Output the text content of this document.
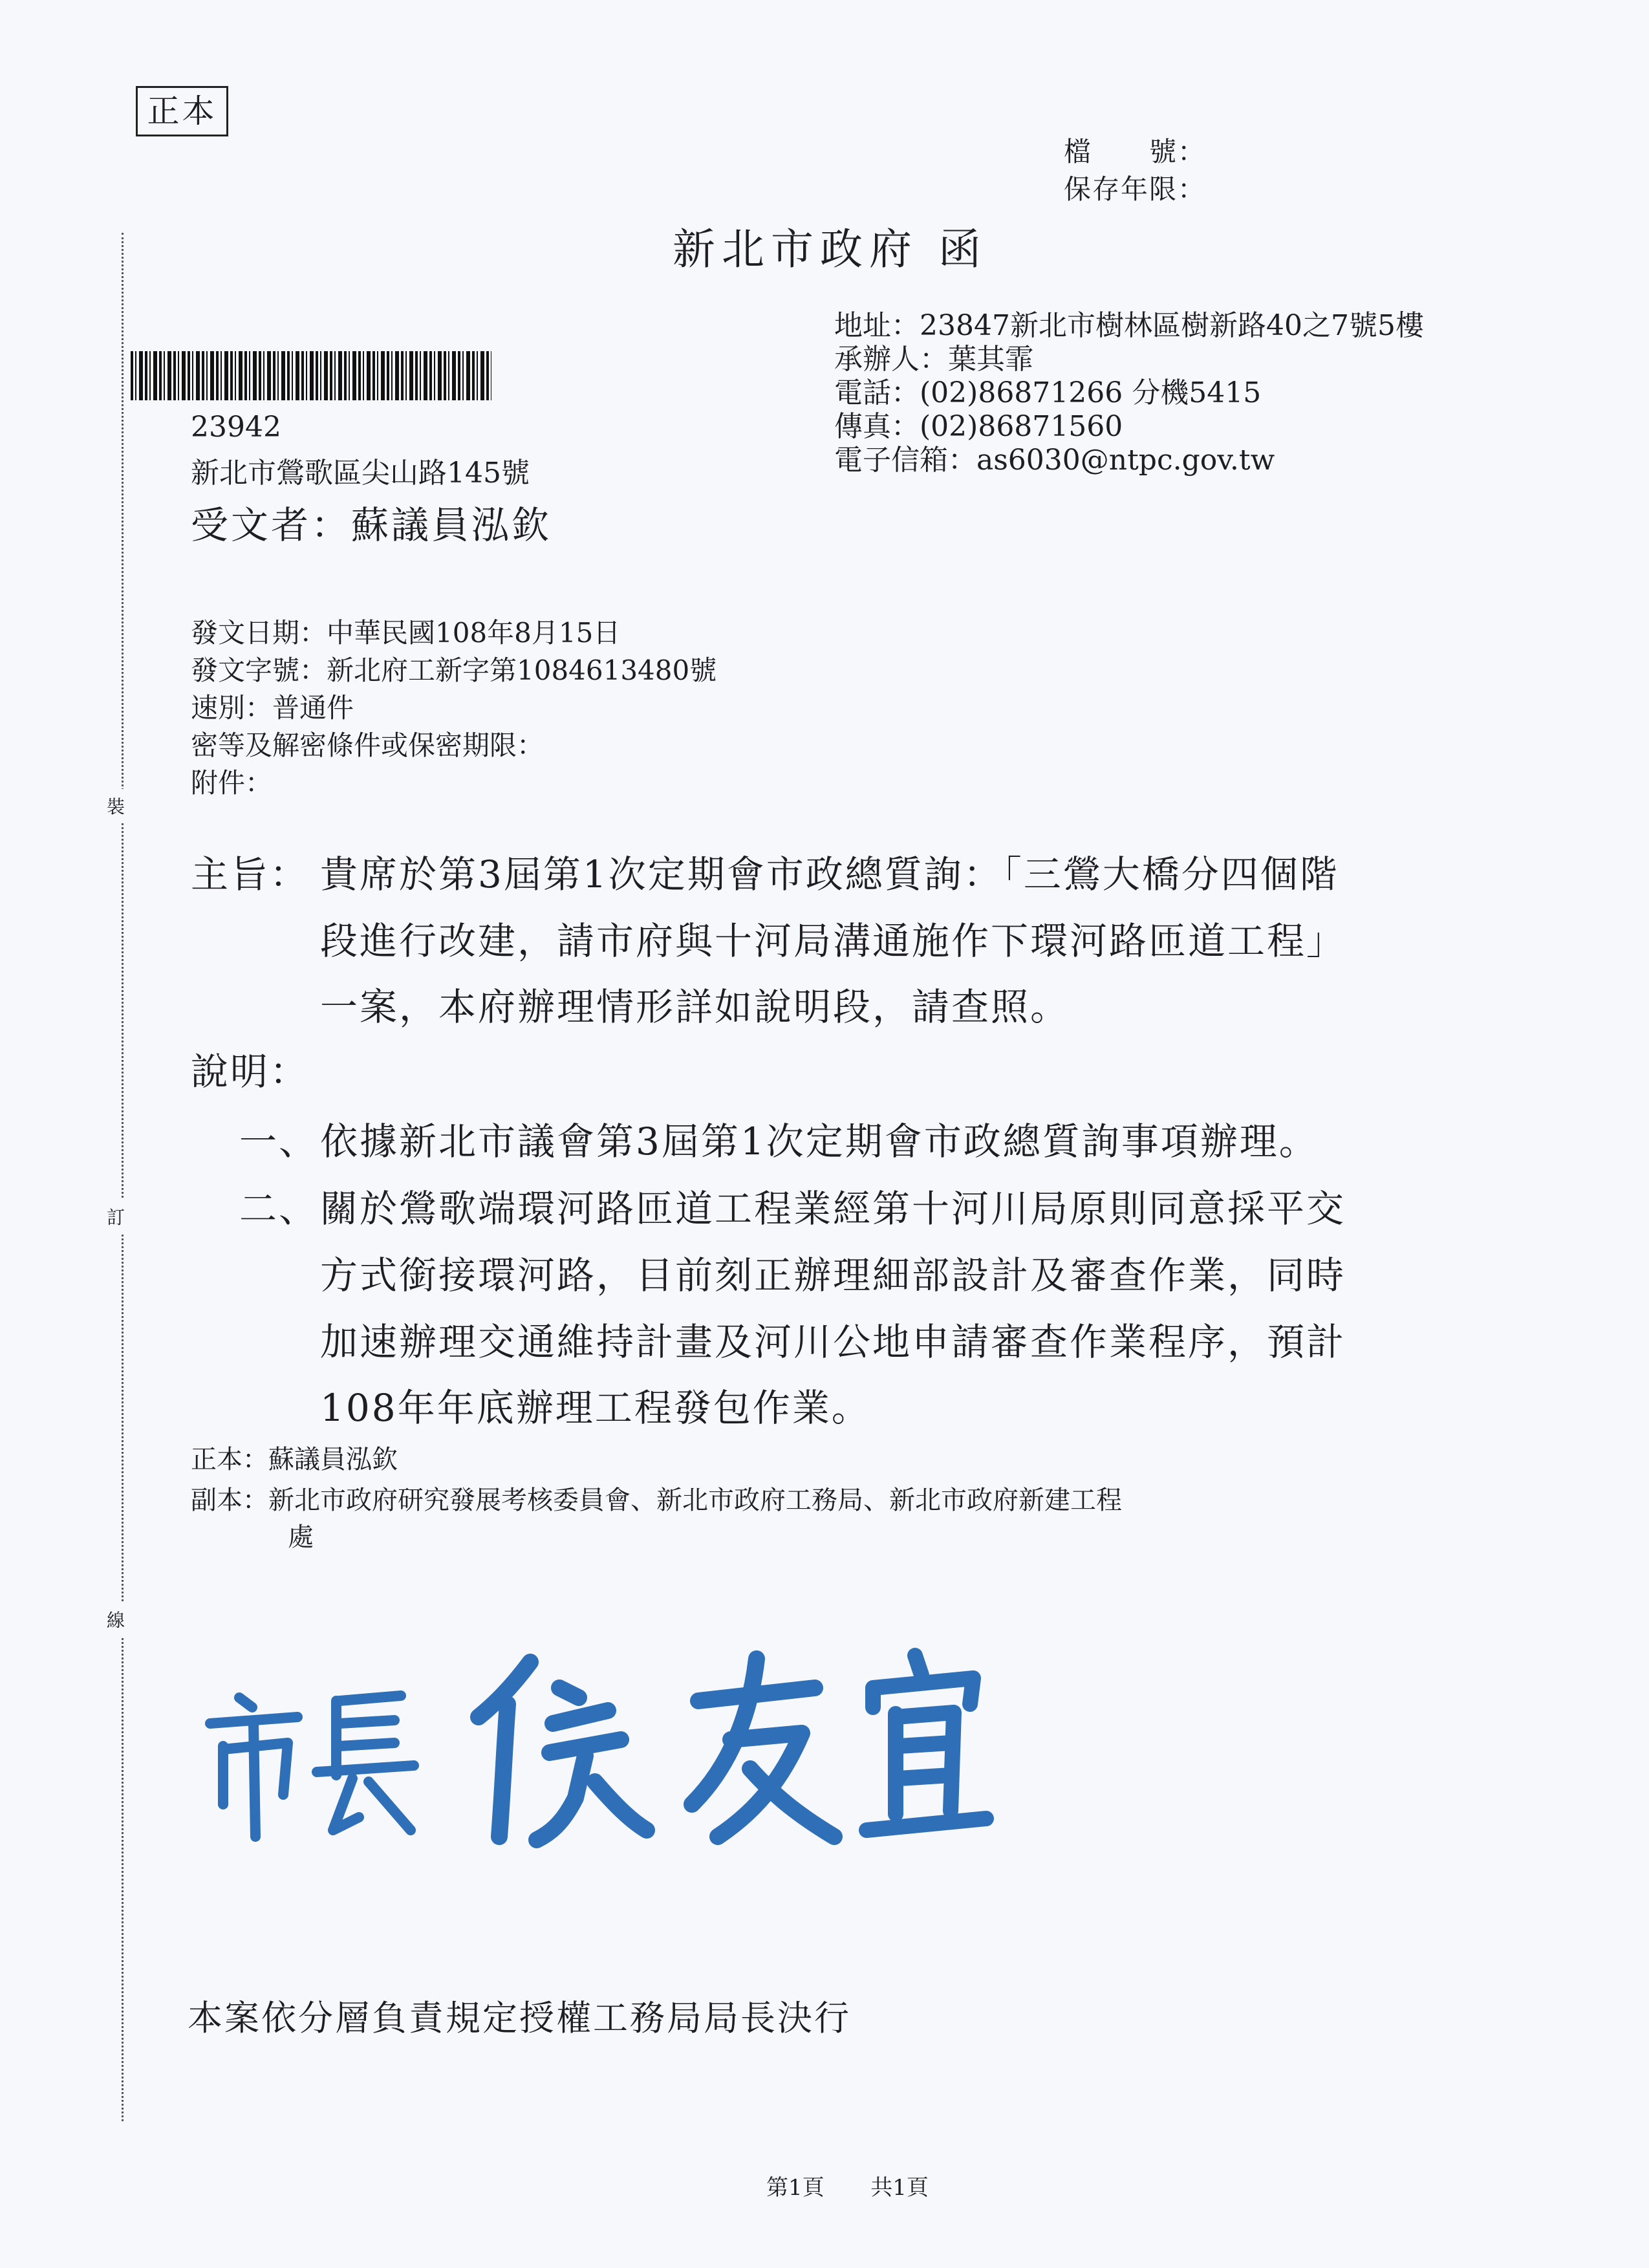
裝
訂
線
正本
檔　　號：
保存年限：
新北市政府 函
地址：23847新北市樹林區樹新路40之7號5樓
承辦人：葉其霏
電話：(02)86871266 分機5415
傳真：(02)86871560
電子信箱：as6030@ntpc.gov.tw
23942
新北市鶯歌區尖山路145號
受文者：蘇議員泓欽
發文日期：中華民國108年8月15日
發文字號：新北府工新字第1084613480號
速別：普通件
密等及解密條件或保密期限：
附件：
主旨： 貴席於第3屆第1次定期會市政總質詢：「三鶯大橋分四個階
段進行改建，請市府與十河局溝通施作下環河路匝道工程」
一案，本府辦理情形詳如說明段，請查照。
說明：
一、 依據新北市議會第3屆第1次定期會市政總質詢事項辦理。
二、 關於鶯歌端環河路匝道工程業經第十河川局原則同意採平交
方式銜接環河路，目前刻正辦理細部設計及審查作業，同時
加速辦理交通維持計畫及河川公地申請審查作業程序，預計
108年年底辦理工程發包作業。
正本：蘇議員泓欽
副本：新北市政府研究發展考核委員會、新北市政府工務局、新北市政府新建工程
處
本案依分層負責規定授權工務局局長決行
第1頁 共1頁
